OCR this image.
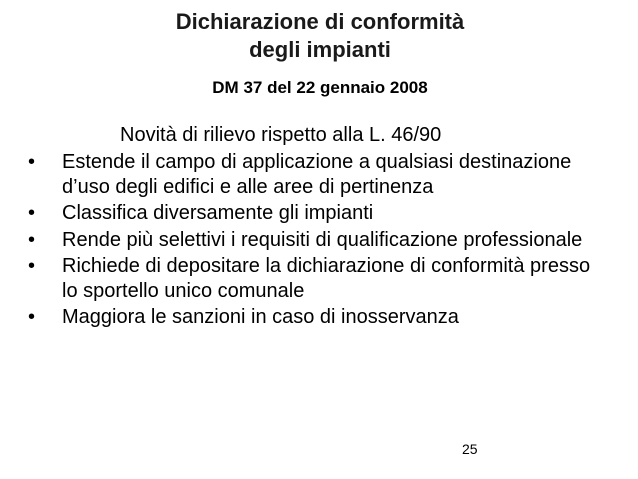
Dichiarazione di conformità
degli impianti
DM 37 del 22 gennaio 2008
Novità di rilievo rispetto alla L. 46/90
• Estende il campo di applicazione a qualsiasi destinazione d’uso degli edifici e alle aree di pertinenza
• Classifica diversamente gli impianti
• Rende più selettivi i requisiti di qualificazione professionale
• Richiede di depositare la dichiarazione di conformità presso lo sportello unico comunale
• Maggiora le sanzioni in caso di inosservanza
25
